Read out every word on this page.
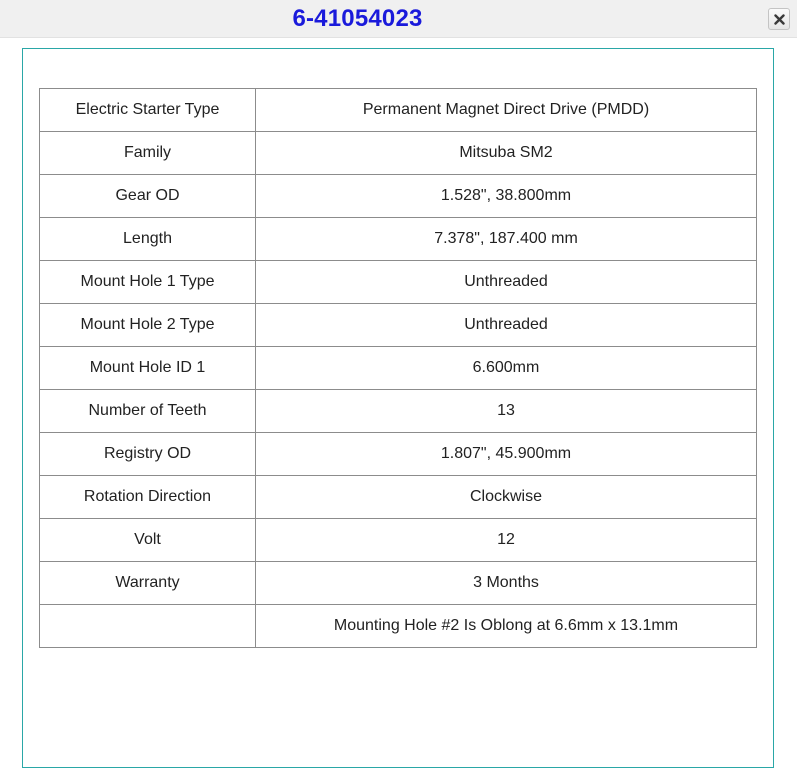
6-41054023
Electric Starter Type	Permanent Magnet Direct Drive (PMDD)
Family	Mitsuba SM2
Gear OD	1.528", 38.800mm
Length	7.378", 187.400 mm
Mount Hole 1 Type	Unthreaded
Mount Hole 2 Type	Unthreaded
Mount Hole ID 1	6.600mm
Number of Teeth	13
Registry OD	1.807", 45.900mm
Rotation Direction	Clockwise
Volt	12
Warranty	3 Months
	Mounting Hole #2 Is Oblong at 6.6mm x 13.1mm
